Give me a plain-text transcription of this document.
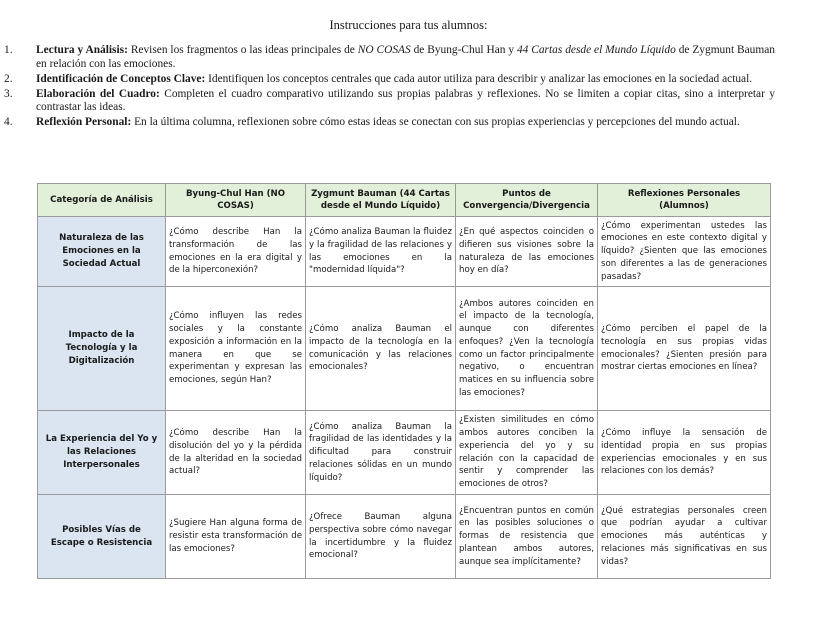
Instrucciones para tus alumnos:
1. Lectura y Análisis: Revisen los fragmentos o las ideas principales de NO COSAS de Byung-Chul Han y 44 Cartas desde el Mundo Líquido de Zygmunt Bauman en relación con las emociones.
2. Identificación de Conceptos Clave: Identifiquen los conceptos centrales que cada autor utiliza para describir y analizar las emociones en la sociedad actual.
3. Elaboración del Cuadro: Completen el cuadro comparativo utilizando sus propias palabras y reflexiones. No se limiten a copiar citas, sino a interpretar y contrastar las ideas.
4. Reflexión Personal: En la última columna, reflexionen sobre cómo estas ideas se conectan con sus propias experiencias y percepciones del mundo actual.
Categoría de Análisis	Byung-Chul Han (NO COSAS)	Zygmunt Bauman (44 Cartas desde el Mundo Líquido)	Puntos de Convergencia/Divergencia	Reflexiones Personales (Alumnos)
Naturaleza de las Emociones en la Sociedad Actual	¿Cómo describe Han la transformación de las emociones en la era digital y de la hiperconexión?	¿Cómo analiza Bauman la fluidez y la fragilidad de las relaciones y las emociones en la "modernidad líquida"?	¿En qué aspectos coinciden o difieren sus visiones sobre la naturaleza de las emociones hoy en día?	¿Cómo experimentan ustedes las emociones en este contexto digital y líquido? ¿Sienten que las emociones son diferentes a las de generaciones pasadas?
Impacto de la Tecnología y la Digitalización	¿Cómo influyen las redes sociales y la constante exposición a información en la manera en que se experimentan y expresan las emociones, según Han?	¿Cómo analiza Bauman el impacto de la tecnología en la comunicación y las relaciones emocionales?	¿Ambos autores coinciden en el impacto de la tecnología, aunque con diferentes enfoques? ¿Ven la tecnología como un factor principalmente negativo, o encuentran matices en su influencia sobre las emociones?	¿Cómo perciben el papel de la tecnología en sus propias vidas emocionales? ¿Sienten presión para mostrar ciertas emociones en línea?
La Experiencia del Yo y las Relaciones Interpersonales	¿Cómo describe Han la disolución del yo y la pérdida de la alteridad en la sociedad actual?	¿Cómo analiza Bauman la fragilidad de las identidades y la dificultad para construir relaciones sólidas en un mundo líquido?	¿Existen similitudes en cómo ambos autores conciben la experiencia del yo y su relación con la capacidad de sentir y comprender las emociones de otros?	¿Cómo influye la sensación de identidad propia en sus propias experiencias emocionales y en sus relaciones con los demás?
Posibles Vías de Escape o Resistencia	¿Sugiere Han alguna forma de resistir esta transformación de las emociones?	¿Ofrece Bauman alguna perspectiva sobre cómo navegar la incertidumbre y la fluidez emocional?	¿Encuentran puntos en común en las posibles soluciones o formas de resistencia que plantean ambos autores, aunque sea implícitamente?	¿Qué estrategias personales creen que podrían ayudar a cultivar emociones más auténticas y relaciones más significativas en sus vidas?
